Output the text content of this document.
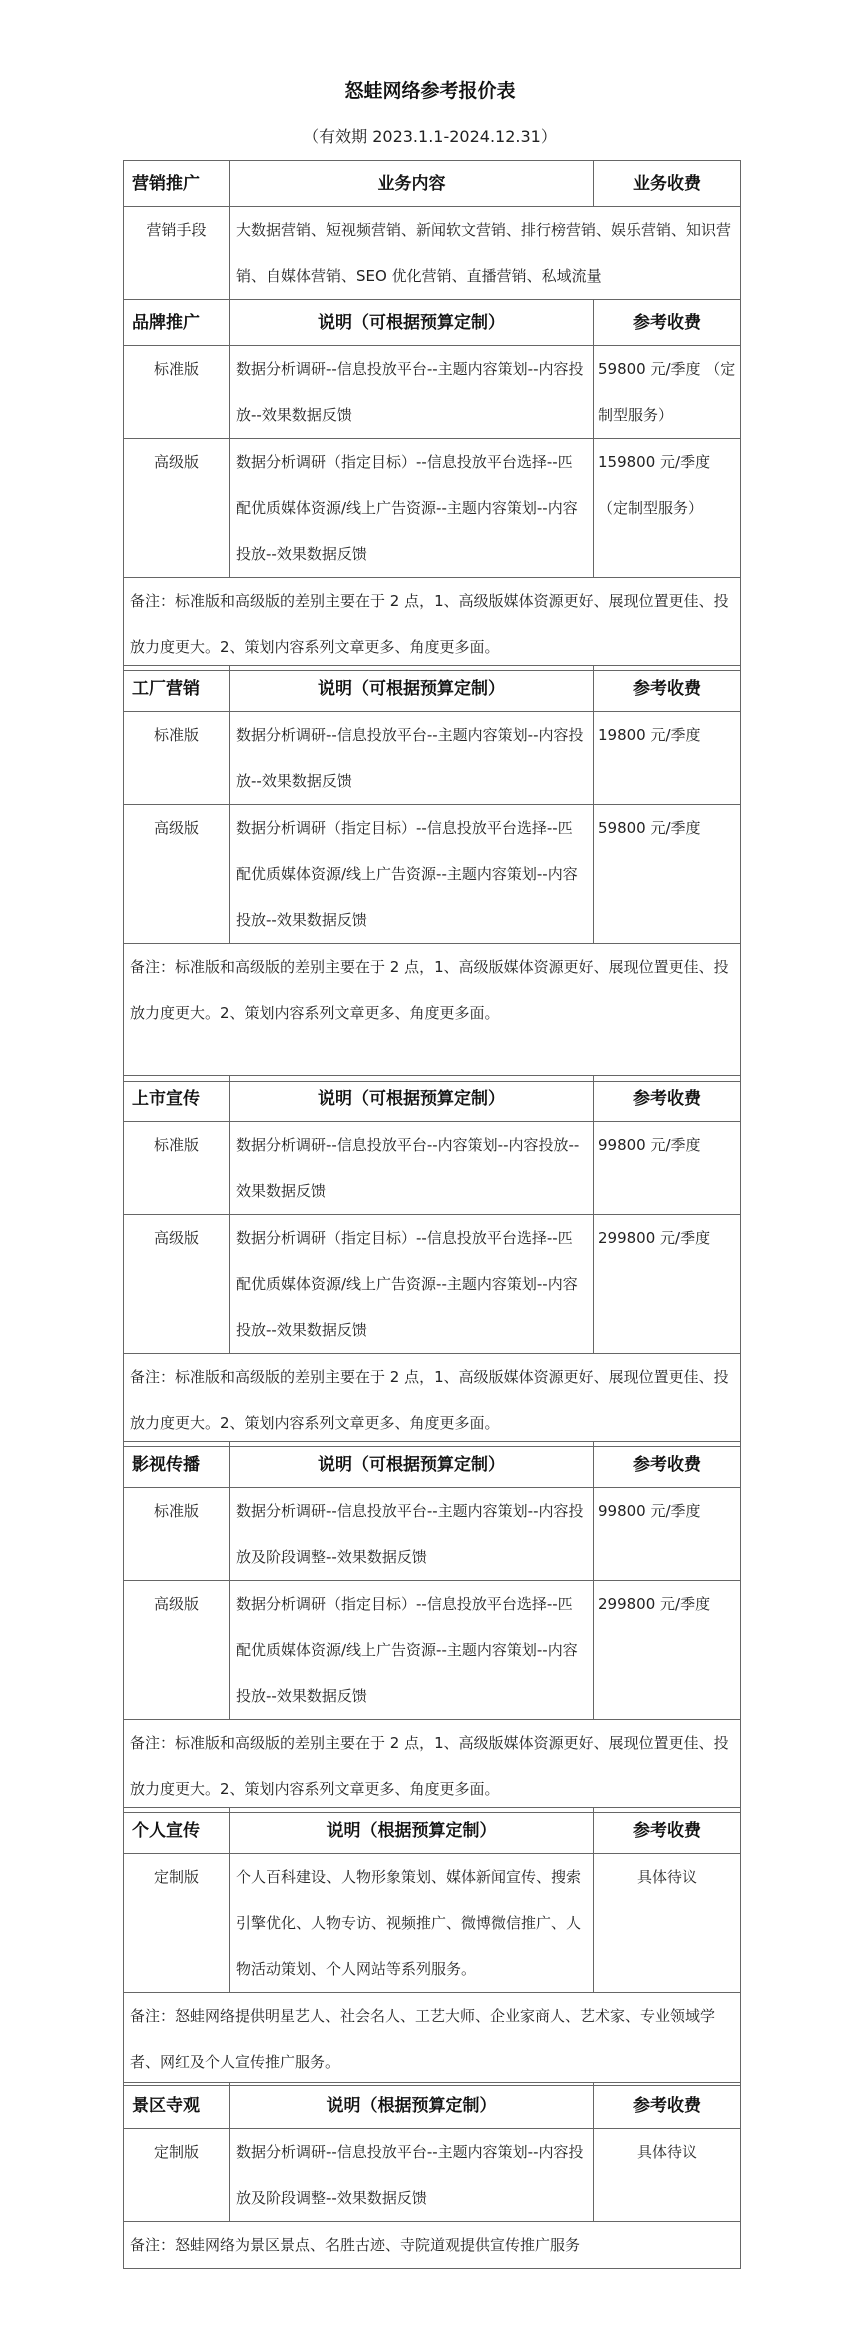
怒蛙网络参考报价表
（有效期 2023.1.1-2024.12.31）
营销推广	业务内容	业务收费
营销手段	大数据营销、短视频营销、新闻软文营销、排行榜营销、娱乐营销、知识营销、自媒体营销、SEO 优化营销、直播营销、私域流量	
品牌推广	说明（可根据预算定制）	参考收费
标准版	数据分析调研--信息投放平台--主题内容策划--内容投放--效果数据反馈	59800 元/季度 （定制型服务）
高级版	数据分析调研（指定目标）--信息投放平台选择--匹配优质媒体资源/线上广告资源--主题内容策划--内容投放--效果数据反馈	159800 元/季度 （定制型服务）
备注：标准版和高级版的差别主要在于 2 点，1、高级版媒体资源更好、展现位置更佳、投放力度更大。2、策划内容系列文章更多、角度更多面。		
工厂营销	说明（可根据预算定制）	参考收费
标准版	数据分析调研--信息投放平台--主题内容策划--内容投放--效果数据反馈	19800 元/季度
高级版	数据分析调研（指定目标）--信息投放平台选择--匹配优质媒体资源/线上广告资源--主题内容策划--内容投放--效果数据反馈	59800 元/季度
备注：标准版和高级版的差别主要在于 2 点，1、高级版媒体资源更好、展现位置更佳、投放力度更大。2、策划内容系列文章更多、角度更多面。		
上市宣传	说明（可根据预算定制）	参考收费
标准版	数据分析调研--信息投放平台--内容策划--内容投放--效果数据反馈	99800 元/季度
高级版	数据分析调研（指定目标）--信息投放平台选择--匹配优质媒体资源/线上广告资源--主题内容策划--内容投放--效果数据反馈	299800 元/季度
备注：标准版和高级版的差别主要在于 2 点，1、高级版媒体资源更好、展现位置更佳、投放力度更大。2、策划内容系列文章更多、角度更多面。		
影视传播	说明（可根据预算定制）	参考收费
标准版	数据分析调研--信息投放平台--主题内容策划--内容投放及阶段调整--效果数据反馈	99800 元/季度
高级版	数据分析调研（指定目标）--信息投放平台选择--匹配优质媒体资源/线上广告资源--主题内容策划--内容投放--效果数据反馈	299800 元/季度
备注：标准版和高级版的差别主要在于 2 点，1、高级版媒体资源更好、展现位置更佳、投放力度更大。2、策划内容系列文章更多、角度更多面。		
个人宣传	说明（根据预算定制）	参考收费
定制版	个人百科建设、人物形象策划、媒体新闻宣传、搜索引擎优化、人物专访、视频推广、微博微信推广、人物活动策划、个人网站等系列服务。	具体待议
备注：怒蛙网络提供明星艺人、社会名人、工艺大师、企业家商人、艺术家、专业领域学者、网红及个人宣传推广服务。		
景区寺观	说明（根据预算定制）	参考收费
定制版	数据分析调研--信息投放平台--主题内容策划--内容投放及阶段调整--效果数据反馈	具体待议
备注：怒蛙网络为景区景点、名胜古迹、寺院道观提供宣传推广服务		
